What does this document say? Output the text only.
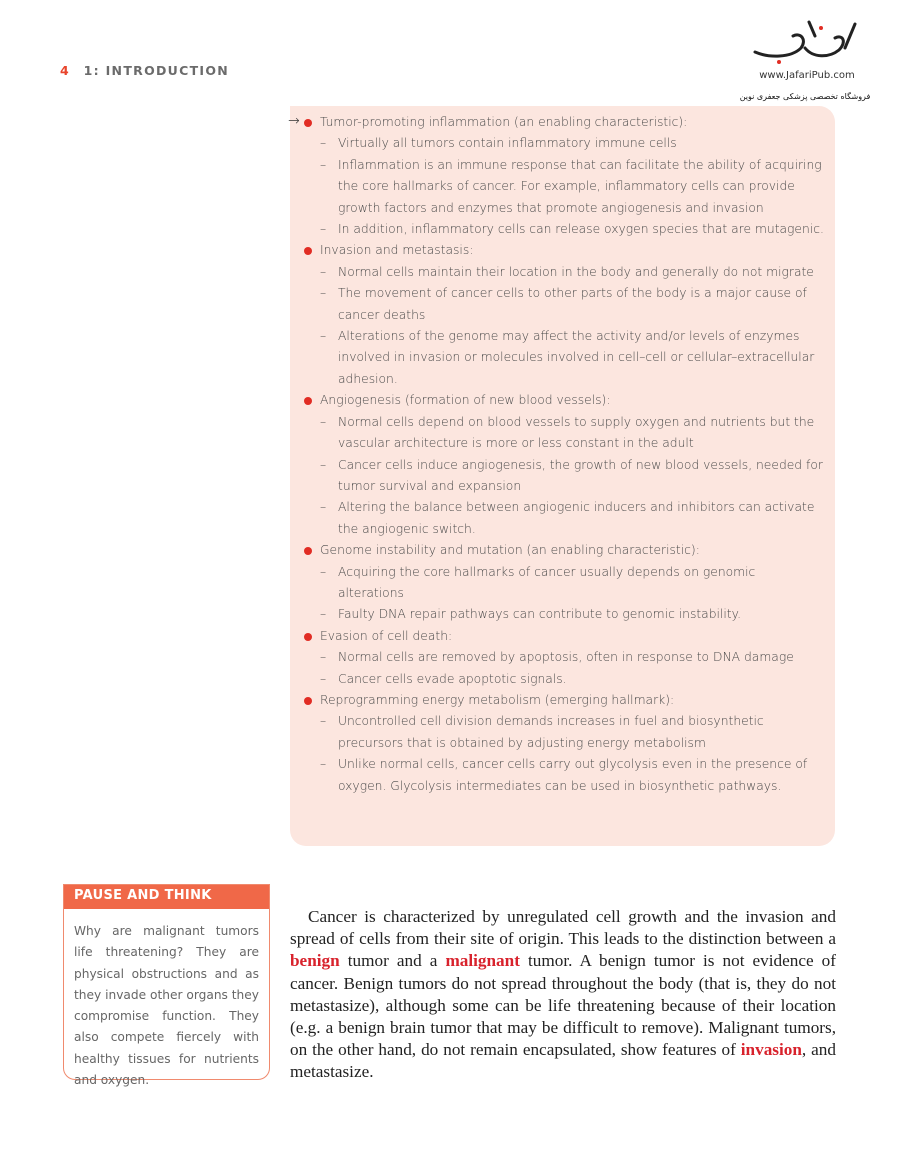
4 1: INTRODUCTION	www.JafariPub.com
فروشگاه تخصصی پزشکی جعفری نوین
→ Tumor-promoting inflammation (an enabling characteristic):
– Virtually all tumors contain inflammatory immune cells
– Inflammation is an immune response that can facilitate the ability of acquiring the core hallmarks of cancer. For example, inflammatory cells can provide growth factors and enzymes that promote angiogenesis and invasion
– In addition, inflammatory cells can release oxygen species that are mutagenic.
Invasion and metastasis:
– Normal cells maintain their location in the body and generally do not migrate
– The movement of cancer cells to other parts of the body is a major cause of cancer deaths
– Alterations of the genome may affect the activity and/or levels of enzymes involved in invasion or molecules involved in cell–cell or cellular–extracellular adhesion.
Angiogenesis (formation of new blood vessels):
– Normal cells depend on blood vessels to supply oxygen and nutrients but the vascular architecture is more or less constant in the adult
– Cancer cells induce angiogenesis, the growth of new blood vessels, needed for tumor survival and expansion
– Altering the balance between angiogenic inducers and inhibitors can activate the angiogenic switch.
Genome instability and mutation (an enabling characteristic):
– Acquiring the core hallmarks of cancer usually depends on genomic alterations
– Faulty DNA repair pathways can contribute to genomic instability.
Evasion of cell death:
– Normal cells are removed by apoptosis, often in response to DNA damage
– Cancer cells evade apoptotic signals.
Reprogramming energy metabolism (emerging hallmark):
– Uncontrolled cell division demands increases in fuel and biosynthetic precursors that is obtained by adjusting energy metabolism
– Unlike normal cells, cancer cells carry out glycolysis even in the presence of oxygen. Glycolysis intermediates can be used in biosynthetic pathways.
PAUSE AND THINK
Why are malignant tumors life threatening? They are physical obstructions and as they invade other organs they compromise function. They also compete fiercely with healthy tissues for nutrients and oxygen.

Cancer is characterized by unregulated cell growth and the invasion and spread of cells from their site of origin. This leads to the distinction between a benign tumor and a malignant tumor. A benign tumor is not evidence of cancer. Benign tumors do not spread throughout the body (that is, they do not metastasize), although some can be life threatening because of their location (e.g. a benign brain tumor that may be difficult to remove). Malignant tumors, on the other hand, do not remain encapsulated, show features of invasion, and metastasize.
